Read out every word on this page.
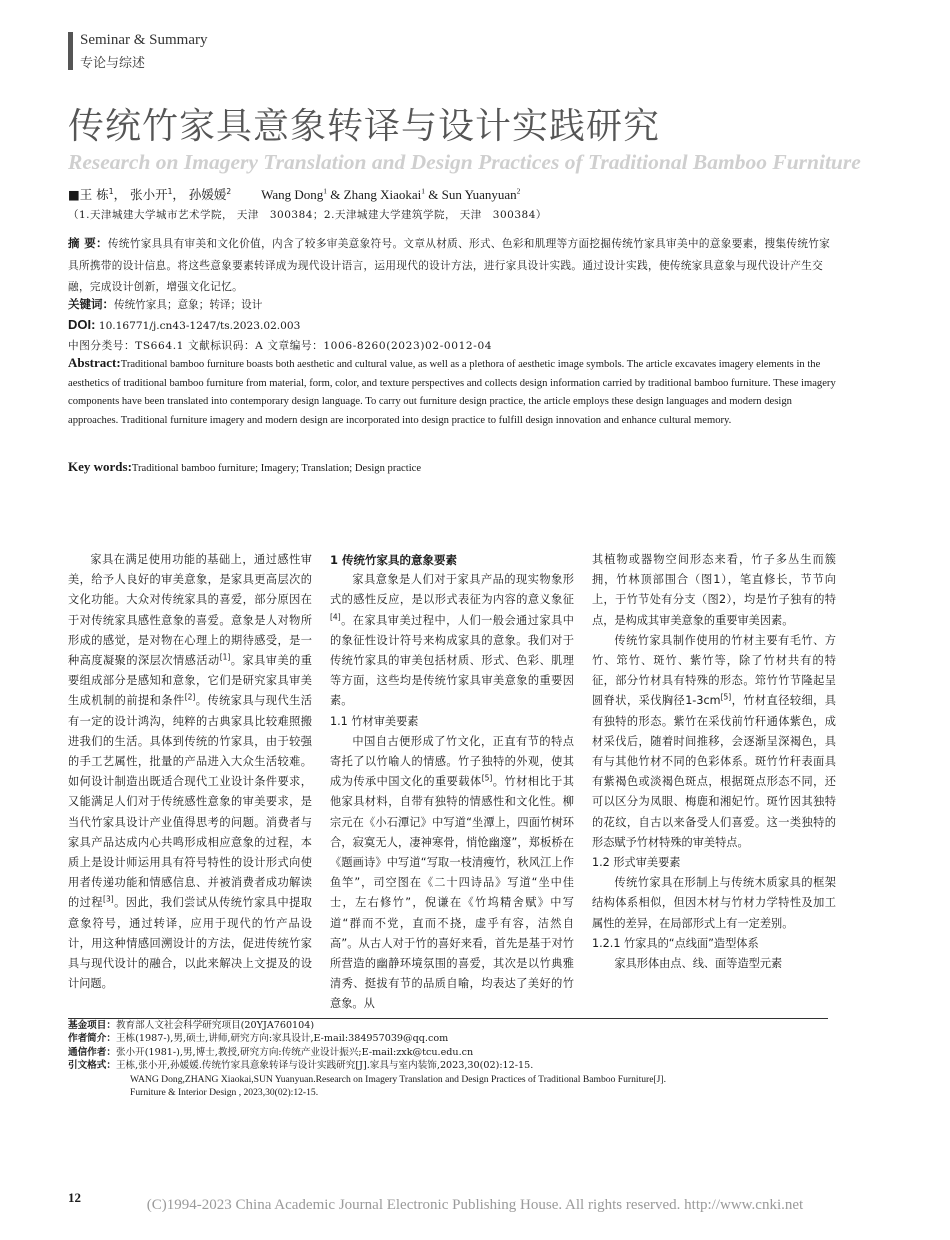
Seminar & Summary
专论与综述
传统竹家具意象转译与设计实践研究
Research on Imagery Translation and Design Practices of Traditional Bamboo Furniture
■王 栋$^1$， 张小开$^1$， 孙媛媛$^2$ Wang Dong$^1$ & Zhang Xiaokai$^1$ & Sun Yuanyuan$^2$
（1.天津城建大学城市艺术学院， 天津　300384；2.天津城建大学建筑学院， 天津　300384）
摘 要：传统竹家具具有审美和文化价值，内含了较多审美意象符号。文章从材质、形式、色彩和肌理等方面挖掘传统竹家具审美中的意象要素，搜集传统竹家具所携带的设计信息。将这些意象要素转译成为现代设计语言，运用现代的设计方法，进行家具设计实践。通过设计实践，使传统家具意象与现代设计产生交融，完成设计创新，增强文化记忆。
关键词：传统竹家具；意象；转译；设计
DOI: 10.16771/j.cn43-1247/ts.2023.02.003
中图分类号：TS664.1 文献标识码：A 文章编号：1006-8260(2023)02-0012-04
Abstract:Traditional bamboo furniture boasts both aesthetic and cultural value, as well as a plethora of aesthetic image symbols. The article excavates imagery elements in the aesthetics of traditional bamboo furniture from material, form, color, and texture perspectives and collects design information carried by traditional bamboo furniture. These imagery components have been translated into contemporary design language. To carry out furniture design practice, the article employs these design languages and modern design approaches. Traditional furniture imagery and modern design are incorporated into design practice to fulfill design innovation and enhance cultural memory.
Key words:Traditional bamboo furniture; Imagery; Translation; Design practice

家具在满足使用功能的基础上，通过感性审美，给予人良好的审美意象，是家具更高层次的文化功能。大众对传统家具的喜爱，部分原因在于对传统家具感性意象的喜爱。意象是人对物所形成的感觉，是对物在心理上的期待感受，是一种高度凝聚的深层次情感活动[1]。家具审美的重要组成部分是感知和意象，它们是研究家具审美生成机制的前提和条件[2]。传统家具与现代生活有一定的设计鸿沟，纯粹的古典家具比较难照搬进我们的生活。具体到传统的竹家具，由于较强的手工艺属性，批量的产品进入大众生活较难。如何设计制造出既适合现代工业设计条件要求，又能满足人们对于传统感性意象的审美要求，是当代竹家具设计产业值得思考的问题。消费者与家具产品达成内心共鸣形成相应意象的过程，本质上是设计师运用具有符号特性的设计形式向使用者传递功能和情感信息、并被消费者成功解读的过程[3]。因此，我们尝试从传统竹家具中提取意象符号，通过转译，应用于现代的竹产品设计，用这种情感回溯设计的方法，促进传统竹家具与现代设计的融合，以此来解决上文提及的设计问题。

1 传统竹家具的意象要素

家具意象是人们对于家具产品的现实物象形式的感性反应，是以形式表征为内容的意义象征[4]。在家具审美过程中，人们一般会通过家具中的象征性设计符号来构成家具的意象。我们对于传统竹家具的审美包括材质、形式、色彩、肌理等方面，这些均是传统竹家具审美意象的重要因素。

1.1 竹材审美要素

中国自古便形成了竹文化，正直有节的特点寄托了以竹喻人的情感。竹子独特的外观，使其成为传承中国文化的重要载体[5]。竹材相比于其他家具材料，自带有独特的情感性和文化性。柳宗元在《小石潭记》中写道“坐潭上，四面竹树环合，寂寞无人，凄神寒骨，悄怆幽邃”，郑板桥在《题画诗》中写道“写取一枝清瘦竹，秋风江上作鱼竿”，司空图在《二十四诗品》写道“坐中佳士，左右修竹”，倪谦在《竹坞精舍赋》中写道“群而不党，直而不挠，虚乎有容，洁然自高”。从古人对于竹的喜好来看，首先是基于对竹所营造的幽静环境氛围的喜爱，其次是以竹典雅清秀、挺拔有节的品质自喻，均表达了美好的竹意象。从

其植物或器物空间形态来看，竹子多丛生而簇拥，竹林顶部围合（图1），笔直修长，节节向上，于竹节处有分支（图2），均是竹子独有的特点，是构成其审美意象的重要审美因素。

传统竹家具制作使用的竹材主要有毛竹、方竹、筇竹、斑竹、紫竹等，除了竹材共有的特征，部分竹材具有特殊的形态。筇竹竹节隆起呈圆脊状，采伐胸径1-3cm[5]，竹材直径较细，具有独特的形态。紫竹在采伐前竹秆通体紫色，成材采伐后，随着时间推移，会逐渐呈深褐色，具有与其他竹材不同的色彩体系。斑竹竹秆表面具有紫褐色或淡褐色斑点，根据斑点形态不同，还可以区分为凤眼、梅鹿和湘妃竹。斑竹因其独特的花纹，自古以来备受人们喜爱。这一类独特的形态赋予竹材特殊的审美特点。

1.2 形式审美要素

传统竹家具在形制上与传统木质家具的框架结构体系相似，但因木材与竹材力学特性及加工属性的差异，在局部形式上有一定差别。

1.2.1 竹家具的“点线面”造型体系

家具形体由点、线、面等造型元素

基金项目：教育部人文社会科学研究项目(20YJA760104)
作者简介：王栋(1987-),男,硕士,讲师,研究方向:家具设计,E-mail:384957039@qq.com
通信作者：张小开(1981-),男,博士,教授,研究方向:传统产业设计振兴;E-mail:zxk@tcu.edu.cn
引文格式：王栋,张小开,孙媛媛.传统竹家具意象转译与设计实践研究[J].家具与室内装饰,2023,30(02):12-15.
WANG Dong,ZHANG Xiaokai,SUN Yuanyuan.Research on Imagery Translation and Design Practices of Traditional Bamboo Furniture[J].
Furniture & Interior Design , 2023,30(02):12-15.
12	(C)1994-2023 China Academic Journal Electronic Publishing House. All rights reserved. http://www.cnki.net
